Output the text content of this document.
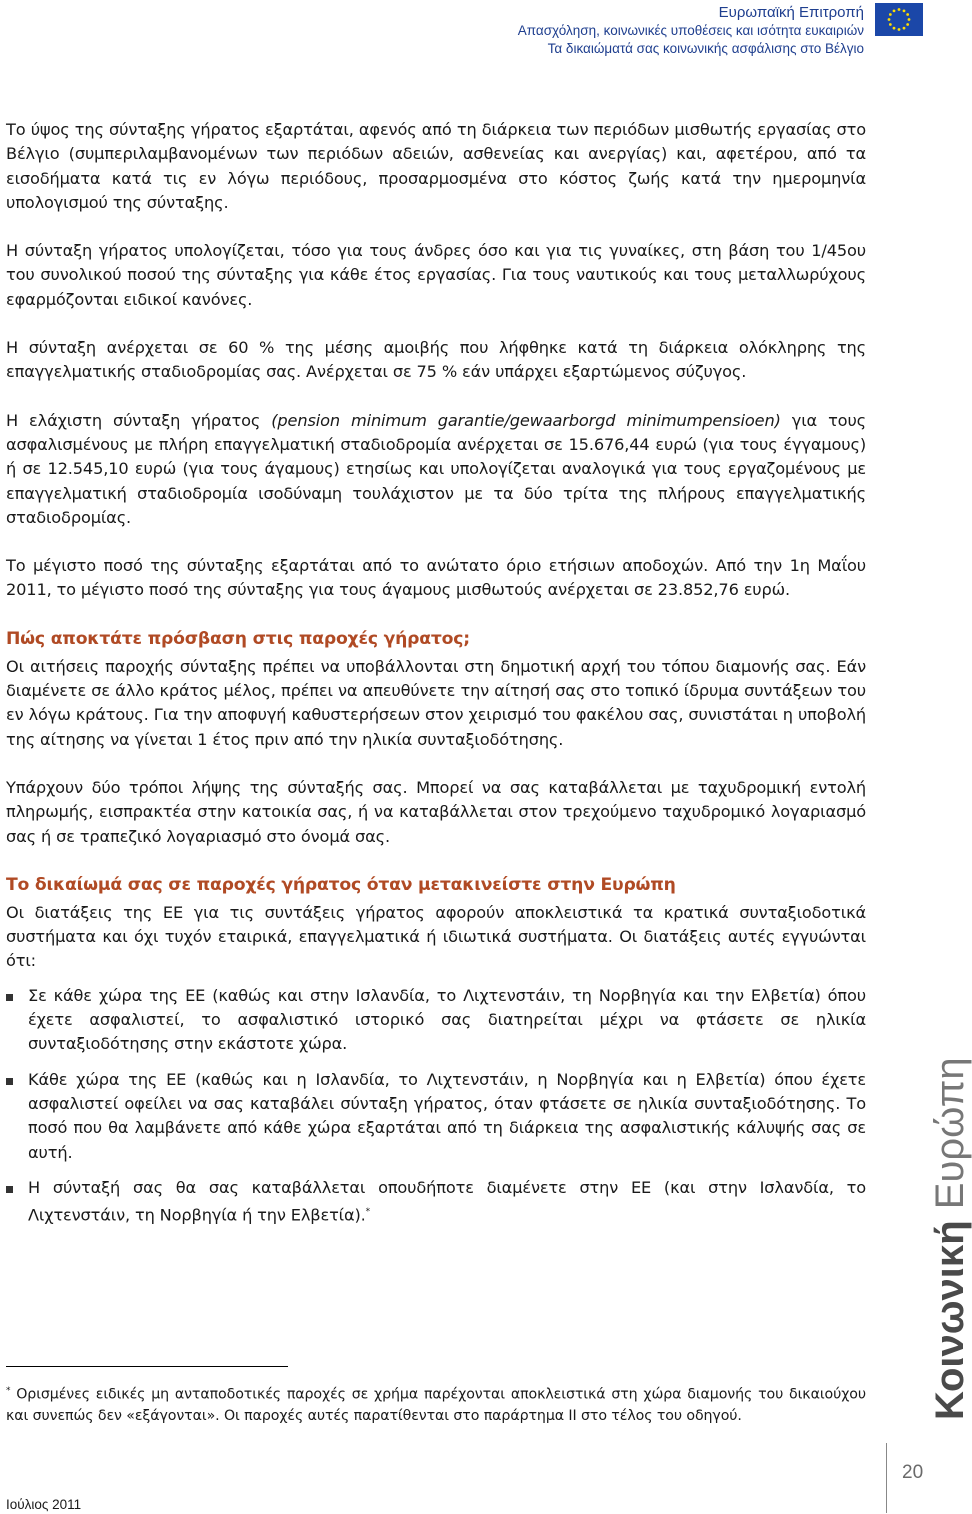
Ευρωπαϊκή Επιτροπή
Απασχόληση, κοινωνικές υποθέσεις και ισότητα ευκαιριών
Τα δικαιώματά σας κοινωνικής ασφάλισης στο Βέλγιο

Το ύψος της σύνταξης γήρατος εξαρτάται, αφενός από τη διάρκεια των περιόδων μισθωτής εργασίας στο Βέλγιο (συμπεριλαμβανομένων των περιόδων αδειών, ασθενείας και ανεργίας) και, αφετέρου, από τα εισοδήματα κατά τις εν λόγω περιόδους, προσαρμοσμένα στο κόστος ζωής κατά την ημερομηνία υπολογισμού της σύνταξης.

Η σύνταξη γήρατος υπολογίζεται, τόσο για τους άνδρες όσο και για τις γυναίκες, στη βάση του 1/45ου του συνολικού ποσού της σύνταξης για κάθε έτος εργασίας. Για τους ναυτικούς και τους μεταλλωρύχους εφαρμόζονται ειδικοί κανόνες.

Η σύνταξη ανέρχεται σε 60 % της μέσης αμοιβής που λήφθηκε κατά τη διάρκεια ολόκληρης της επαγγελματικής σταδιοδρομίας σας. Ανέρχεται σε 75 % εάν υπάρχει εξαρτώμενος σύζυγος.

Η ελάχιστη σύνταξη γήρατος (pension minimum garantie/gewaarborgd minimumpensioen) για τους ασφαλισμένους με πλήρη επαγγελματική σταδιοδρομία ανέρχεται σε 15.676,44 ευρώ (για τους έγγαμους) ή σε 12.545,10 ευρώ (για τους άγαμους) ετησίως και υπολογίζεται αναλογικά για τους εργαζομένους με επαγγελματική σταδιοδρομία ισοδύναμη τουλάχιστον με τα δύο τρίτα της πλήρους επαγγελματικής σταδιοδρομίας.

Το μέγιστο ποσό της σύνταξης εξαρτάται από το ανώτατο όριο ετήσιων αποδοχών. Από την 1η Μαΐου 2011, το μέγιστο ποσό της σύνταξης για τους άγαμους μισθωτούς ανέρχεται σε 23.852,76 ευρώ.

Πώς αποκτάτε πρόσβαση στις παροχές γήρατος;

Οι αιτήσεις παροχής σύνταξης πρέπει να υποβάλλονται στη δημοτική αρχή του τόπου διαμονής σας. Εάν διαμένετε σε άλλο κράτος μέλος, πρέπει να απευθύνετε την αίτησή σας στο τοπικό ίδρυμα συντάξεων του εν λόγω κράτους. Για την αποφυγή καθυστερήσεων στον χειρισμό του φακέλου σας, συνιστάται η υποβολή της αίτησης να γίνεται 1 έτος πριν από την ηλικία συνταξιοδότησης.

Υπάρχουν δύο τρόποι λήψης της σύνταξής σας. Μπορεί να σας καταβάλλεται με ταχυδρομική εντολή πληρωμής, εισπρακτέα στην κατοικία σας, ή να καταβάλλεται στον τρεχούμενο ταχυδρομικό λογαριασμό σας ή σε τραπεζικό λογαριασμό στο όνομά σας.

Το δικαίωμά σας σε παροχές γήρατος όταν μετακινείστε στην Ευρώπη

Οι διατάξεις της ΕΕ για τις συντάξεις γήρατος αφορούν αποκλειστικά τα κρατικά συνταξιοδοτικά συστήματα και όχι τυχόν εταιρικά, επαγγελματικά ή ιδιωτικά συστήματα. Οι διατάξεις αυτές εγγυώνται ότι:

Σε κάθε χώρα της ΕΕ (καθώς και στην Ισλανδία, το Λιχτενστάιν, τη Νορβηγία και την Ελβετία) όπου έχετε ασφαλιστεί, το ασφαλιστικό ιστορικό σας διατηρείται μέχρι να φτάσετε σε ηλικία συνταξιοδότησης στην εκάστοτε χώρα.
Κάθε χώρα της ΕΕ (καθώς και η Ισλανδία, το Λιχτενστάιν, η Νορβηγία και η Ελβετία) όπου έχετε ασφαλιστεί οφείλει να σας καταβάλει σύνταξη γήρατος, όταν φτάσετε σε ηλικία συνταξιοδότησης. Το ποσό που θα λαμβάνετε από κάθε χώρα εξαρτάται από τη διάρκεια της ασφαλιστικής κάλυψής σας σε αυτή.
Η σύνταξή σας θα σας καταβάλλεται οπουδήποτε διαμένετε στην ΕΕ (και στην Ισλανδία, το Λιχτενστάιν, τη Νορβηγία ή την Ελβετία).*
* Ορισμένες ειδικές μη ανταποδοτικές παροχές σε χρήμα παρέχονται αποκλειστικά στη χώρα διαμονής του δικαιούχου και συνεπώς δεν «εξάγονται». Οι παροχές αυτές παρατίθενται στο παράρτημα II στο τέλος του οδηγού.	Κοινωνική Ευρώπη
20
Ιούλιος 2011
